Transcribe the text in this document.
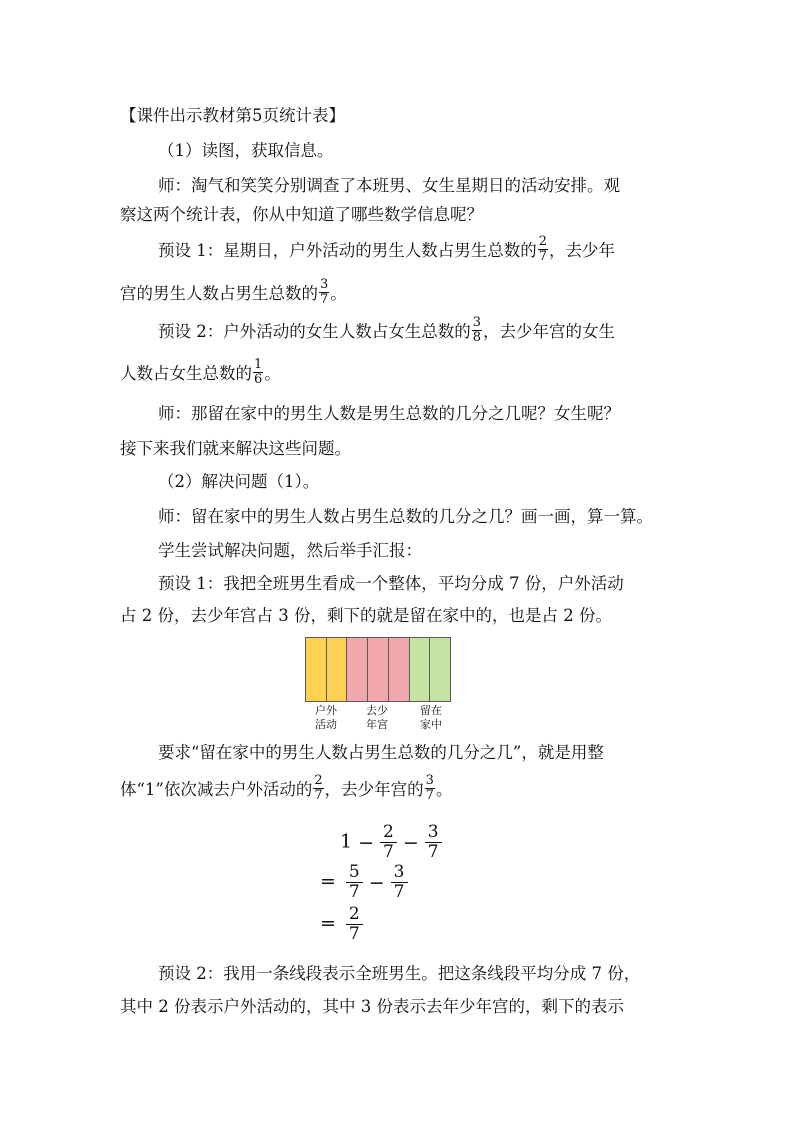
【课件出示教材第5页统计表】
（1）读图，获取信息。
师：淘气和笑笑分别调查了本班男、女生星期日的活动安排。观
察这两个统计表，你从中知道了哪些数学信息呢？
预设 1：星期日，户外活动的男生人数占男生总数的 $\frac{2}{7}$ ，去少年
宫的男生人数占男生总数的 $\frac{3}{7}$ 。
预设 2：户外活动的女生人数占女生总数的 $\frac{3}{8}$ ，去少年宫的女生
人数占女生总数的 $\frac{1}{6}$ 。
师：那留在家中的男生人数是男生总数的几分之几呢？女生呢？
接下来我们就来解决这些问题。
（2）解决问题（1）。
师：留在家中的男生人数占男生总数的几分之几？画一画，算一算。
学生尝试解决问题，然后举手汇报：
预设 1：我把全班男生看成一个整体，平均分成 7 份，户外活动
占 2 份，去少年宫占 3 份，剩下的就是留在家中的，也是占 2 份。
户外
活动
去少
年宫
留在
家中
要求“留在家中的男生人数占男生总数的几分之几”，就是用整
体“1”依次减去户外活动的 $\frac{2}{7}$ ，去少年宫的 $\frac{3}{7}$ 。
$1 - \frac{2}{7} - \frac{3}{7}$
= $\frac{5}{7} - \frac{3}{7}$
= $\frac{2}{7}$
预设 2：我用一条线段表示全班男生。把这条线段平均分成 7 份，
其中 2 份表示户外活动的，其中 3 份表示去年少年宫的，剩下的表示
